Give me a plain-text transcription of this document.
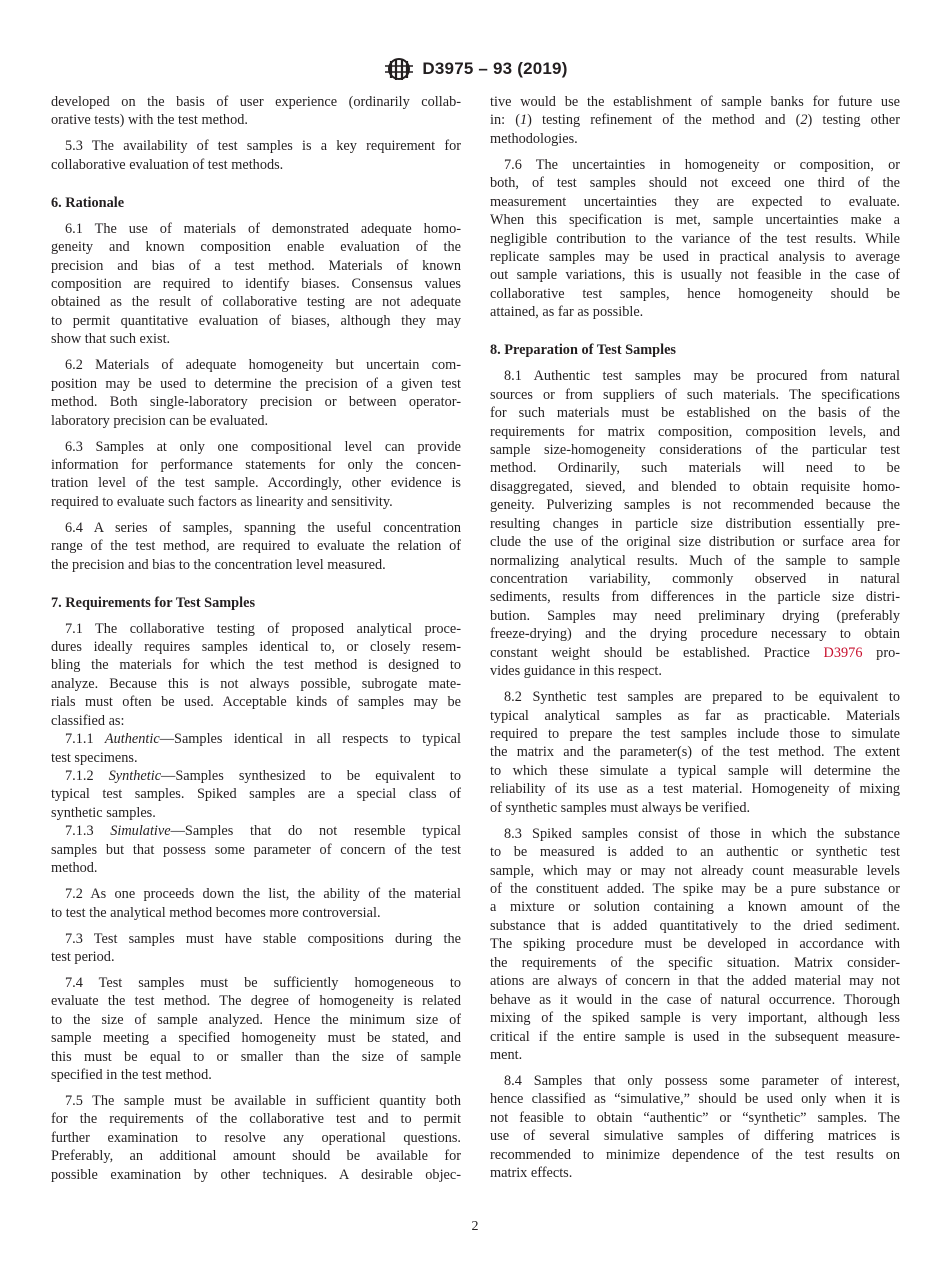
D3975 – 93 (2019)
developed on the basis of user experience (ordinarily collab-
orative tests) with the test method.
5.3 The availability of test samples is a key requirement for
collaborative evaluation of test methods.
6. Rationale
6.1 The use of materials of demonstrated adequate homo-
geneity and known composition enable evaluation of the
precision and bias of a test method. Materials of known
composition are required to identify biases. Consensus values
obtained as the result of collaborative testing are not adequate
to permit quantitative evaluation of biases, although they may
show that such exist.
6.2 Materials of adequate homogeneity but uncertain com-
position may be used to determine the precision of a given test
method. Both single-laboratory precision or between operator-
laboratory precision can be evaluated.
6.3 Samples at only one compositional level can provide
information for performance statements for only the concen-
tration level of the test sample. Accordingly, other evidence is
required to evaluate such factors as linearity and sensitivity.
6.4 A series of samples, spanning the useful concentration
range of the test method, are required to evaluate the relation of
the precision and bias to the concentration level measured.
7. Requirements for Test Samples
7.1 The collaborative testing of proposed analytical proce-
dures ideally requires samples identical to, or closely resem-
bling the materials for which the test method is designed to
analyze. Because this is not always possible, subrogate mate-
rials must often be used. Acceptable kinds of samples may be
classified as:
7.1.1 Authentic—Samples identical in all respects to typical
test specimens.
7.1.2 Synthetic—Samples synthesized to be equivalent to
typical test samples. Spiked samples are a special class of
synthetic samples.
7.1.3 Simulative—Samples that do not resemble typical
samples but that possess some parameter of concern of the test
method.
7.2 As one proceeds down the list, the ability of the material
to test the analytical method becomes more controversial.
7.3 Test samples must have stable compositions during the
test period.
7.4 Test samples must be sufficiently homogeneous to
evaluate the test method. The degree of homogeneity is related
to the size of sample analyzed. Hence the minimum size of
sample meeting a specified homogeneity must be stated, and
this must be equal to or smaller than the size of sample
specified in the test method.
7.5 The sample must be available in sufficient quantity both
for the requirements of the collaborative test and to permit
further examination to resolve any operational questions.
Preferably, an additional amount should be available for
possible examination by other techniques. A desirable objec-
tive would be the establishment of sample banks for future use
in: (1) testing refinement of the method and (2) testing other
methodologies.
7.6 The uncertainties in homogeneity or composition, or
both, of test samples should not exceed one third of the
measurement uncertainties they are expected to evaluate.
When this specification is met, sample uncertainties make a
negligible contribution to the variance of the test results. While
replicate samples may be used in practical analysis to average
out sample variations, this is usually not feasible in the case of
collaborative test samples, hence homogeneity should be
attained, as far as possible.
8. Preparation of Test Samples
8.1 Authentic test samples may be procured from natural
sources or from suppliers of such materials. The specifications
for such materials must be established on the basis of the
requirements for matrix composition, composition levels, and
sample size-homogeneity considerations of the particular test
method. Ordinarily, such materials will need to be
disaggregated, sieved, and blended to obtain requisite homo-
geneity. Pulverizing samples is not recommended because the
resulting changes in particle size distribution essentially pre-
clude the use of the original size distribution or surface area for
normalizing analytical results. Much of the sample to sample
concentration variability, commonly observed in natural
sediments, results from differences in the particle size distri-
bution. Samples may need preliminary drying (preferably
freeze-drying) and the drying procedure necessary to obtain
constant weight should be established. Practice D3976 pro-
vides guidance in this respect.
8.2 Synthetic test samples are prepared to be equivalent to
typical analytical samples as far as practicable. Materials
required to prepare the test samples include those to simulate
the matrix and the parameter(s) of the test method. The extent
to which these simulate a typical sample will determine the
reliability of its use as a test material. Homogeneity of mixing
of synthetic samples must always be verified.
8.3 Spiked samples consist of those in which the substance
to be measured is added to an authentic or synthetic test
sample, which may or may not already count measurable levels
of the constituent added. The spike may be a pure substance or
a mixture or solution containing a known amount of the
substance that is added quantitatively to the dried sediment.
The spiking procedure must be developed in accordance with
the requirements of the specific situation. Matrix consider-
ations are always of concern in that the added material may not
behave as it would in the case of natural occurrence. Thorough
mixing of the spiked sample is very important, although less
critical if the entire sample is used in the subsequent measure-
ment.
8.4 Samples that only possess some parameter of interest,
hence classified as “simulative,” should be used only when it is
not feasible to obtain “authentic” or “synthetic” samples. The
use of several simulative samples of differing matrices is
recommended to minimize dependence of the test results on
matrix effects.
2
